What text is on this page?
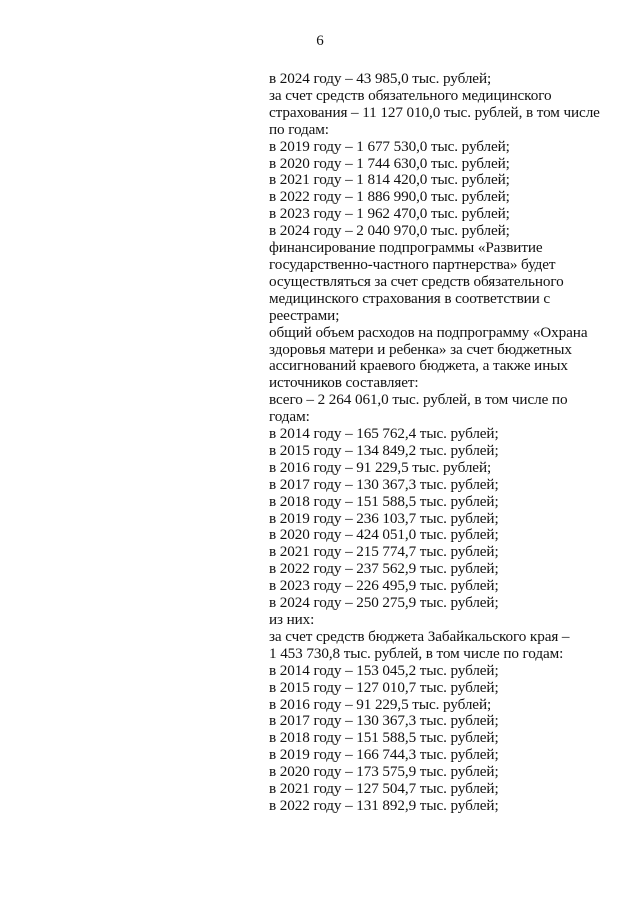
6
в 2024 году – 43 985,0 тыс. рублей;
за счет средств обязательного медицинского
страхования – 11 127 010,0 тыс. рублей, в том числе
по годам:
в 2019 году – 1 677 530,0 тыс. рублей;
в 2020 году – 1 744 630,0 тыс. рублей;
в 2021 году – 1 814 420,0 тыс. рублей;
в 2022 году – 1 886 990,0 тыс. рублей;
в 2023 году – 1 962 470,0 тыс. рублей;
в 2024 году – 2 040 970,0 тыс. рублей;
финансирование подпрограммы «Развитие
государственно-частного партнерства» будет
осуществляться за счет средств обязательного
медицинского страхования в соответствии с
реестрами;
общий объем расходов на подпрограмму «Охрана
здоровья матери и ребенка» за счет бюджетных
ассигнований краевого бюджета, а также иных
источников составляет:
всего – 2 264 061,0 тыс. рублей, в том числе по
годам:
в 2014 году – 165 762,4 тыс. рублей;
в 2015 году – 134 849,2 тыс. рублей;
в 2016 году – 91 229,5 тыс. рублей;
в 2017 году – 130 367,3 тыс. рублей;
в 2018 году – 151 588,5 тыс. рублей;
в 2019 году – 236 103,7 тыс. рублей;
в 2020 году – 424 051,0 тыс. рублей;
в 2021 году – 215 774,7 тыс. рублей;
в 2022 году – 237 562,9 тыс. рублей;
в 2023 году – 226 495,9 тыс. рублей;
в 2024 году – 250 275,9 тыс. рублей;
из них:
за счет средств бюджета Забайкальского края –
1 453 730,8 тыс. рублей, в том числе по годам:
в 2014 году – 153 045,2 тыс. рублей;
в 2015 году – 127 010,7 тыс. рублей;
в 2016 году – 91 229,5 тыс. рублей;
в 2017 году – 130 367,3 тыс. рублей;
в 2018 году – 151 588,5 тыс. рублей;
в 2019 году – 166 744,3 тыс. рублей;
в 2020 году – 173 575,9 тыс. рублей;
в 2021 году – 127 504,7 тыс. рублей;
в 2022 году – 131 892,9 тыс. рублей;
